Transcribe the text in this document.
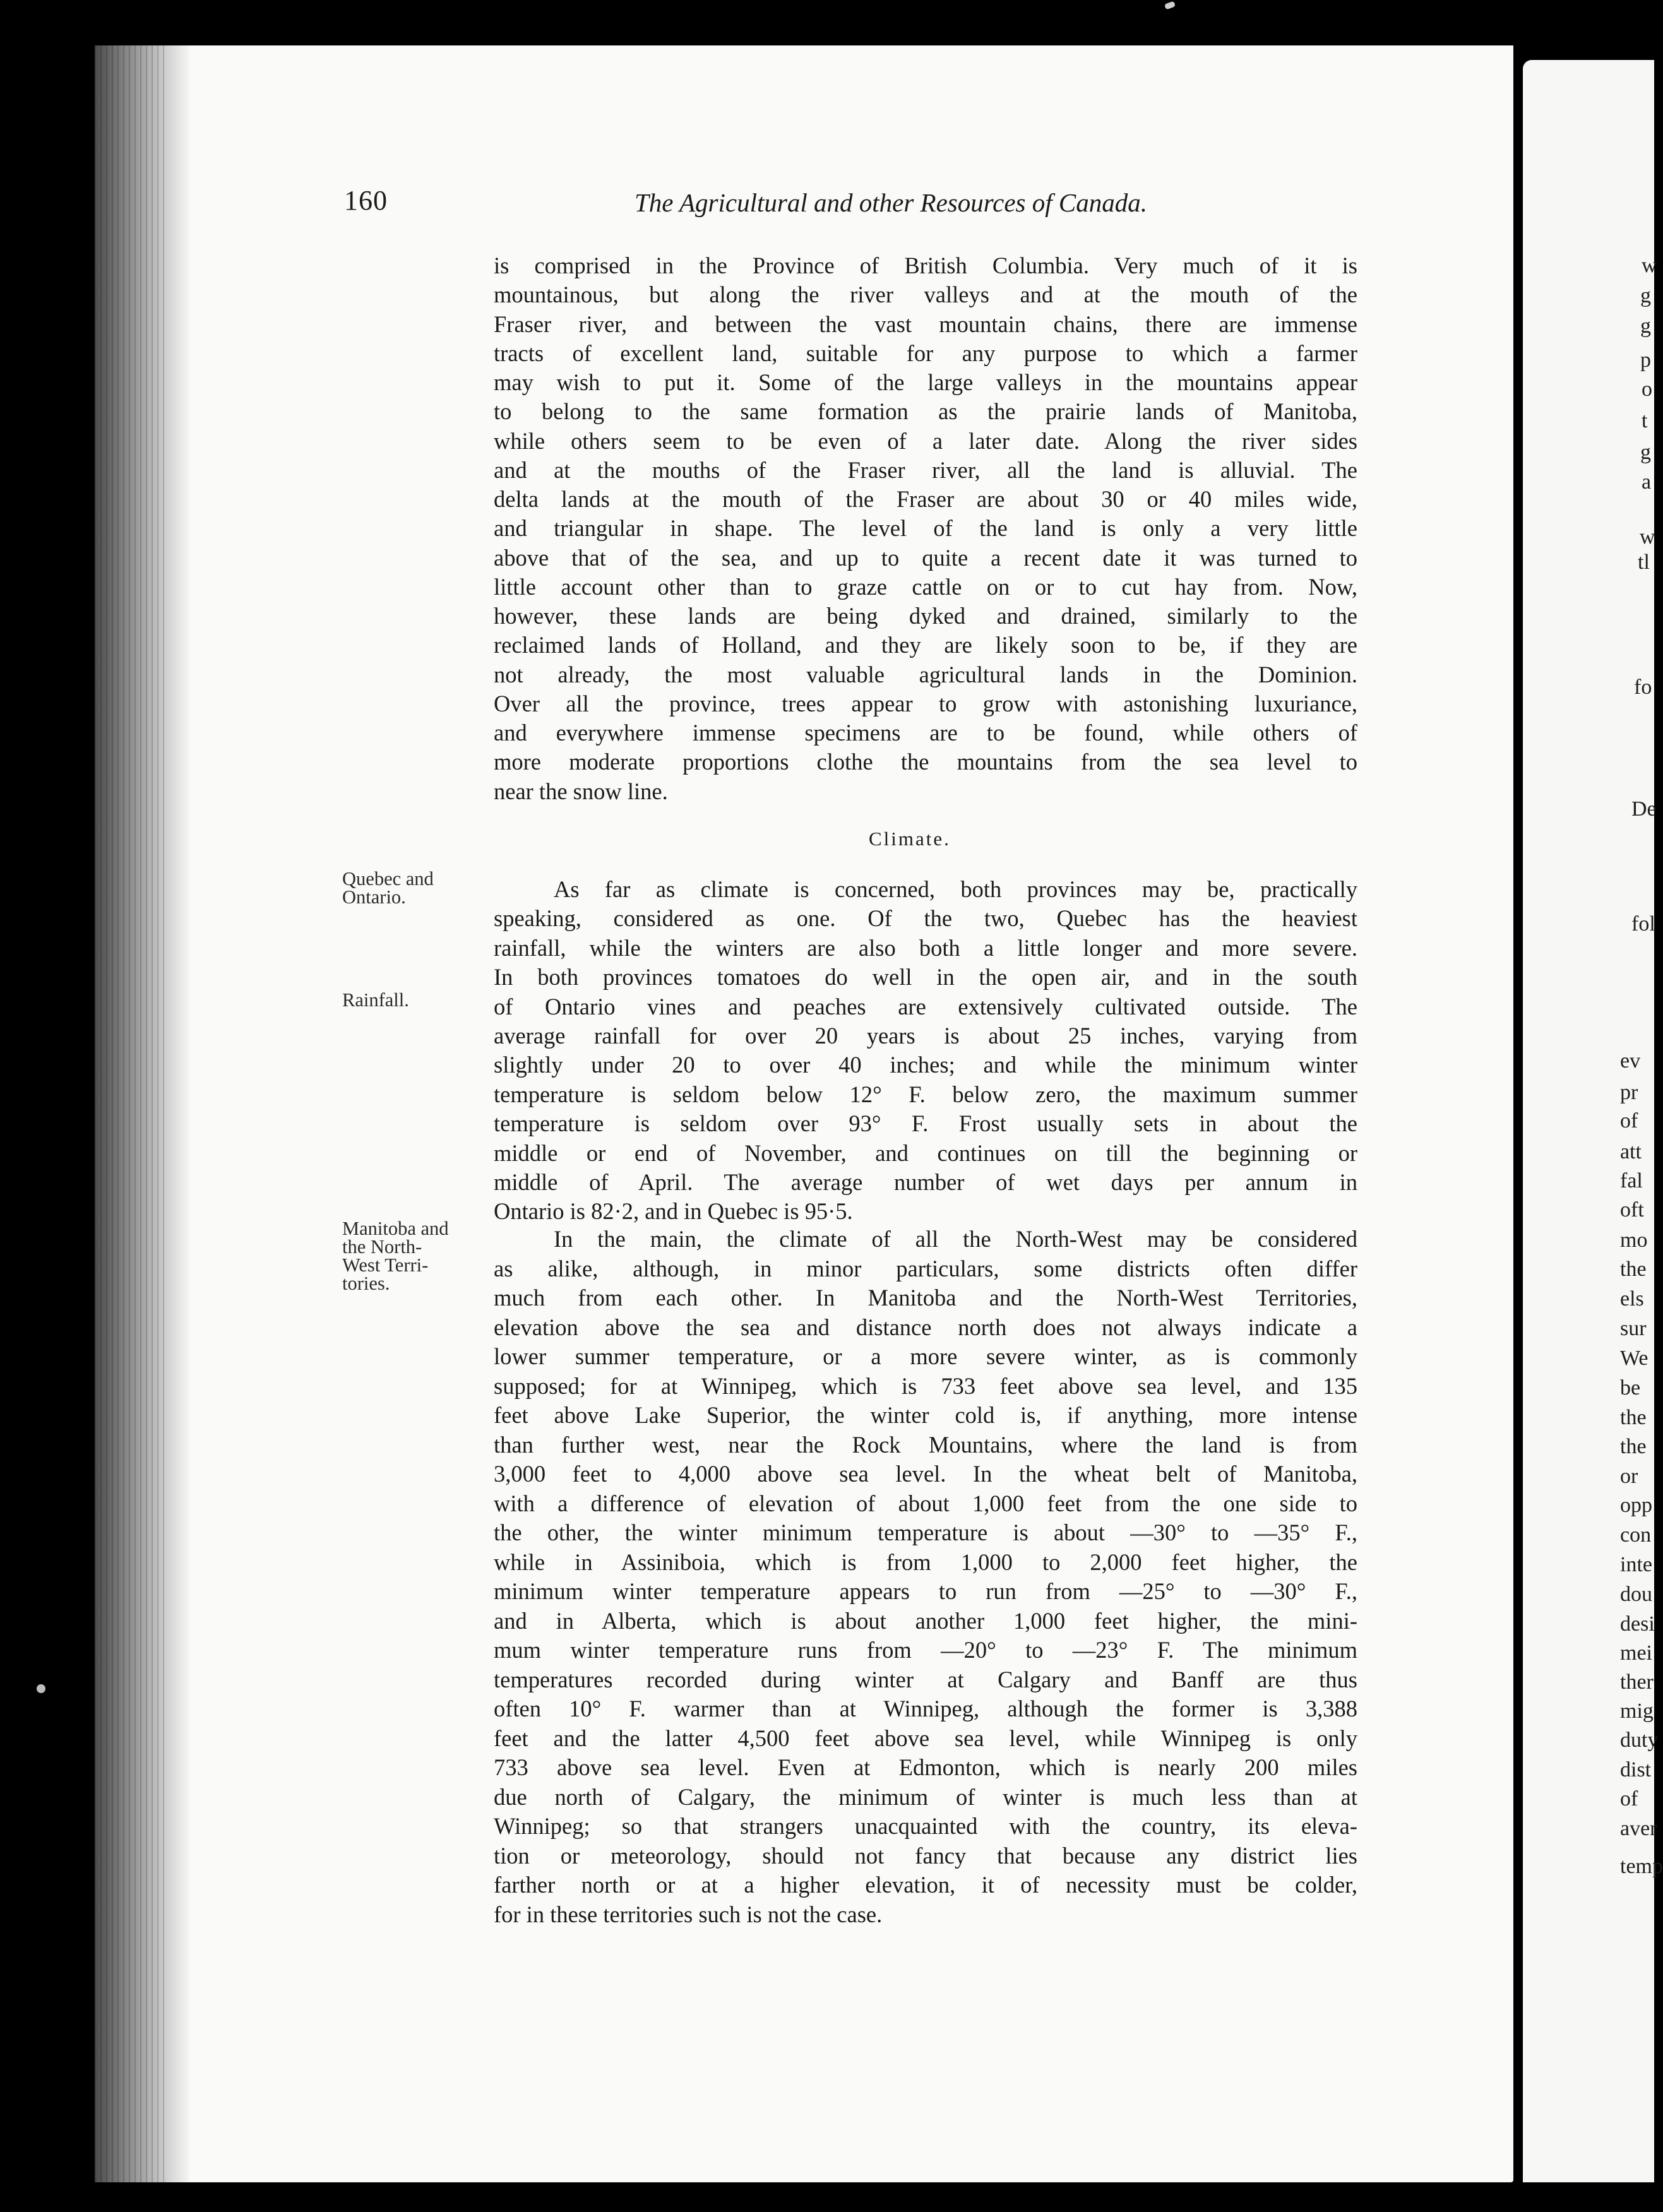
160	The Agricultural and other Resources of Canada.
is comprised in the Province of British Columbia. Very much of it is
mountainous, but along the river valleys and at the mouth of the
Fraser river, and between the vast mountain chains, there are immense
tracts of excellent land, suitable for any purpose to which a farmer
may wish to put it. Some of the large valleys in the mountains appear
to belong to the same formation as the prairie lands of Manitoba,
while others seem to be even of a later date. Along the river sides
and at the mouths of the Fraser river, all the land is alluvial. The
delta lands at the mouth of the Fraser are about 30 or 40 miles wide,
and triangular in shape. The level of the land is only a very little
above that of the sea, and up to quite a recent date it was turned to
little account other than to graze cattle on or to cut hay from. Now,
however, these lands are being dyked and drained, similarly to the
reclaimed lands of Holland, and they are likely soon to be, if they are
not already, the most valuable agricultural lands in the Dominion.
Over all the province, trees appear to grow with astonishing luxuriance,
and everywhere immense specimens are to be found, while others of
more moderate proportions clothe the mountains from the sea level to
near the snow line.
Climate.
As far as climate is concerned, both provinces may be, practically
speaking, considered as one. Of the two, Quebec has the heaviest
rainfall, while the winters are also both a little longer and more severe.
In both provinces tomatoes do well in the open air, and in the south
of Ontario vines and peaches are extensively cultivated outside. The
average rainfall for over 20 years is about 25 inches, varying from
slightly under 20 to over 40 inches; and while the minimum winter
temperature is seldom below 12° F. below zero, the maximum summer
temperature is seldom over 93° F. Frost usually sets in about the
middle or end of November, and continues on till the beginning or
middle of April. The average number of wet days per annum in
Ontario is 82·2, and in Quebec is 95·5.
In the main, the climate of all the North-West may be considered
as alike, although, in minor particulars, some districts often differ
much from each other. In Manitoba and the North-West Territories,
elevation above the sea and distance north does not always indicate a
lower summer temperature, or a more severe winter, as is commonly
supposed; for at Winnipeg, which is 733 feet above sea level, and 135
feet above Lake Superior, the winter cold is, if anything, more intense
than further west, near the Rock Mountains, where the land is from
3,000 feet to 4,000 above sea level. In the wheat belt of Manitoba,
with a difference of elevation of about 1,000 feet from the one side to
the other, the winter minimum temperature is about —30° to —35° F.,
while in Assiniboia, which is from 1,000 to 2,000 feet higher, the
minimum winter temperature appears to run from —25° to —30° F.,
and in Alberta, which is about another 1,000 feet higher, the mini-
mum winter temperature runs from —20° to —23° F. The minimum
temperatures recorded during winter at Calgary and Banff are thus
often 10° F. warmer than at Winnipeg, although the former is 3,388
feet and the latter 4,500 feet above sea level, while Winnipeg is only
733 above sea level. Even at Edmonton, which is nearly 200 miles
due north of Calgary, the minimum of winter is much less than at
Winnipeg; so that strangers unacquainted with the country, its eleva-
tion or meteorology, should not fancy that because any district lies
farther north or at a higher elevation, it of necessity must be colder,
for in these territories such is not the case.
Quebec and
Ontario.
Rainfall.
Manitoba and
the North-
West Terri-
tories.
w
g
g
p
o
t
g
a
w
tl
fo
De
fol
ev
pr
of
att
fal
oft
mo
the
els
sur
We
be
the
the
or
opp
con
inte
dou
desi
mei
ther
mig
duty
dist
of
aver
temp
